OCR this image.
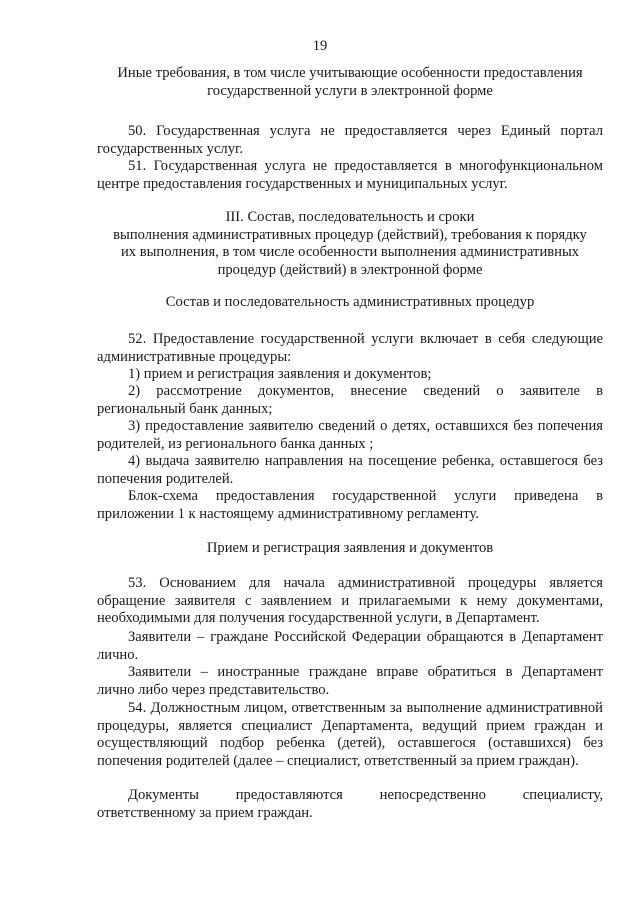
19
Иные требования, в том числе учитывающие особенности предоставления
государственной услуги в электронной форме

50. Государственная услуга не предоставляется через Единый портал государственных услуг.

51. Государственная услуга не предоставляется в многофункциональном центре предоставления государственных и муниципальных услуг.

III. Состав, последовательность и сроки
выполнения административных процедур (действий), требования к порядку
их выполнения, в том числе особенности выполнения административных
процедур (действий) в электронной форме

Состав и последовательность административных процедур

52. Предоставление государственной услуги включает в себя следующие административные процедуры:

1) прием и регистрация заявления и документов;

2) рассмотрение документов, внесение сведений о заявителе в региональный банк данных;

3) предоставление заявителю сведений о детях, оставшихся без попечения родителей, из регионального банка данных ;

4) выдача заявителю направления на посещение ребенка, оставшегося без попечения родителей.

Блок-схема предоставления государственной услуги приведена в приложении 1 к настоящему административному регламенту.

Прием и регистрация заявления и документов

53. Основанием для начала административной процедуры является обращение заявителя с заявлением и прилагаемыми к нему документами, необходимыми для получения государственной услуги, в Департамент.

Заявители – граждане Российской Федерации обращаются в Департамент лично.

Заявители – иностранные граждане вправе обратиться в Департамент лично либо через представительство.

54. Должностным лицом, ответственным за выполнение административной процедуры, является специалист Департамента, ведущий прием граждан и осуществляющий подбор ребенка (детей), оставшегося (оставшихся) без попечения родителей (далее – специалист, ответственный за прием граждан).

Документы предоставляются непосредственно специалисту, ответственному за прием граждан.
